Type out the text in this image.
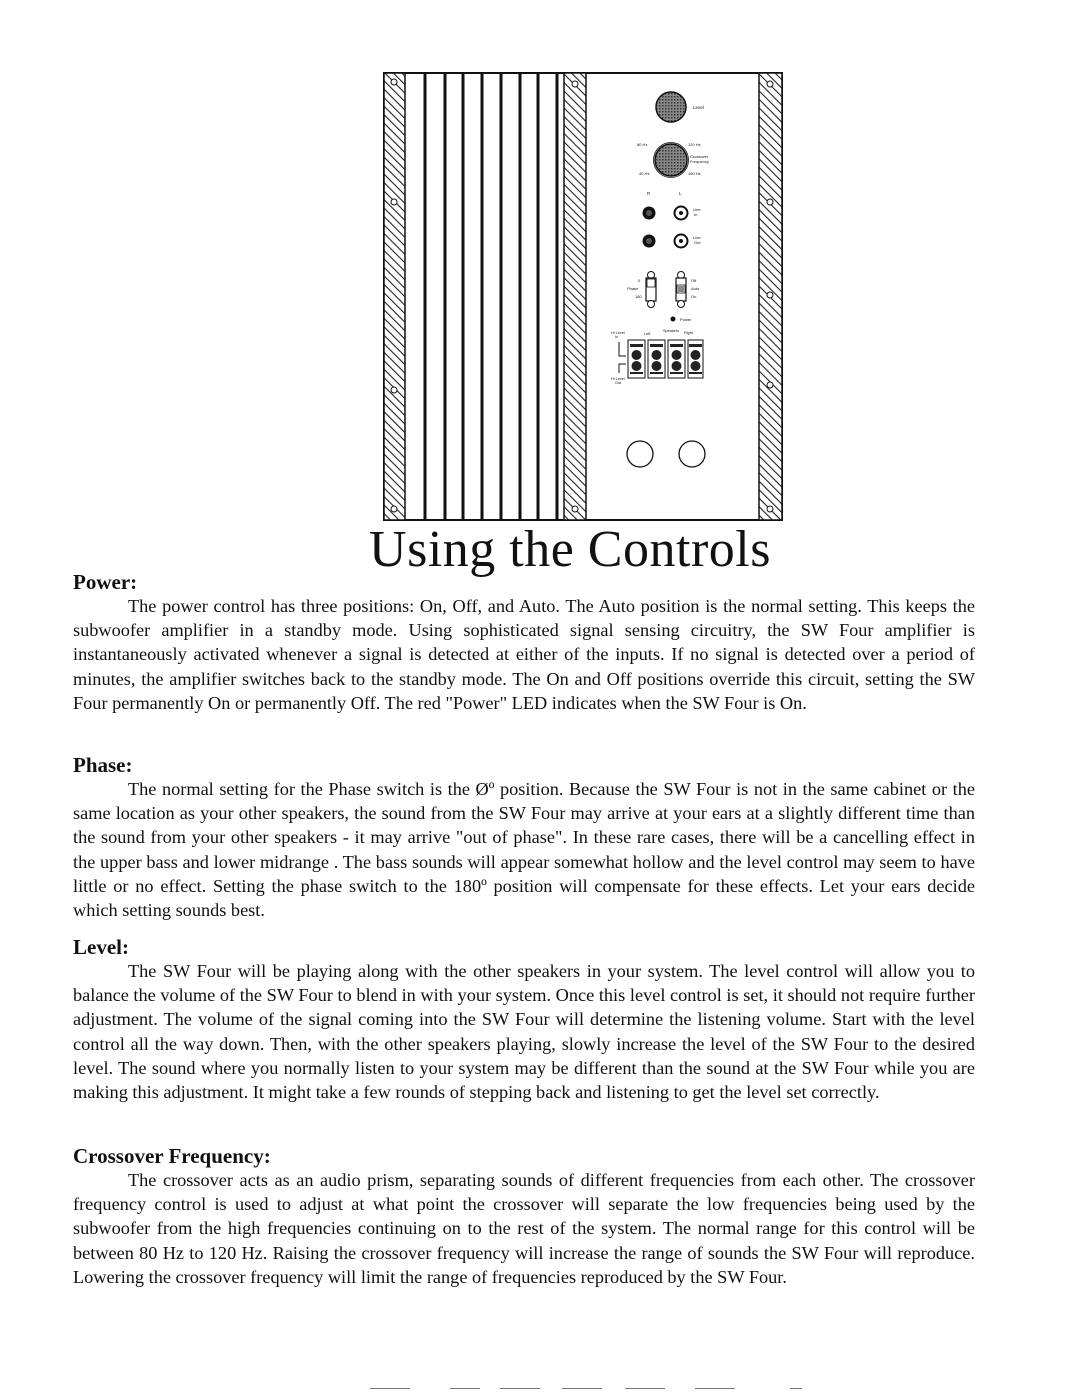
Level
80 Hz	120 Hz
Crossover
Frequency
40 Hz	160 Hz
R	L
Line
In
Line
Out
0
Phase
180
Off
Auto
On
Power
Hi Level
In
Left
Speakers Right
Hi Level
Out
Using the Controls
Power:

The power control has three positions: On, Off, and Auto. The Auto position is the normal setting. This keeps the subwoofer amplifier in a standby mode. Using sophisticated signal sensing circuitry, the SW Four amplifier is instantaneously activated whenever a signal is detected at either of the inputs. If no signal is detected over a period of minutes, the amplifier switches back to the standby mode. The On and Off positions override this circuit, setting the SW Four permanently On or permanently Off. The red "Power" LED indicates when the SW Four is On.

Phase:

The normal setting for the Phase switch is the Øº position. Because the SW Four is not in the same cabinet or the same location as your other speakers, the sound from the SW Four may arrive at your ears at a slightly different time than the sound from your other speakers - it may arrive "out of phase". In these rare cases, there will be a cancelling effect in the upper bass and lower midrange . The bass sounds will appear somewhat hollow and the level control may seem to have little or no effect. Setting the phase switch to the 180º position will compensate for these effects. Let your ears decide which setting sounds best.

Level:

The SW Four will be playing along with the other speakers in your system. The level control will allow you to balance the volume of the SW Four to blend in with your system. Once this level control is set, it should not require further adjustment. The volume of the signal coming into the SW Four will determine the listening volume. Start with the level control all the way down. Then, with the other speakers playing, slowly increase the level of the SW Four to the desired level. The sound where you normally listen to your system may be different than the sound at the SW Four while you are making this adjustment. It might take a few rounds of stepping back and listening to get the level set correctly.

Crossover Frequency:

The crossover acts as an audio prism, separating sounds of different frequencies from each other. The crossover frequency control is used to adjust at what point the crossover will separate the low frequencies being used by the subwoofer from the high frequencies continuing on to the rest of the system. The normal range for this control will be between 80 Hz to 120 Hz. Raising the crossover frequency will increase the range of sounds the SW Four will reproduce. Lowering the crossover frequency will limit the range of frequencies reproduced by the SW Four.
